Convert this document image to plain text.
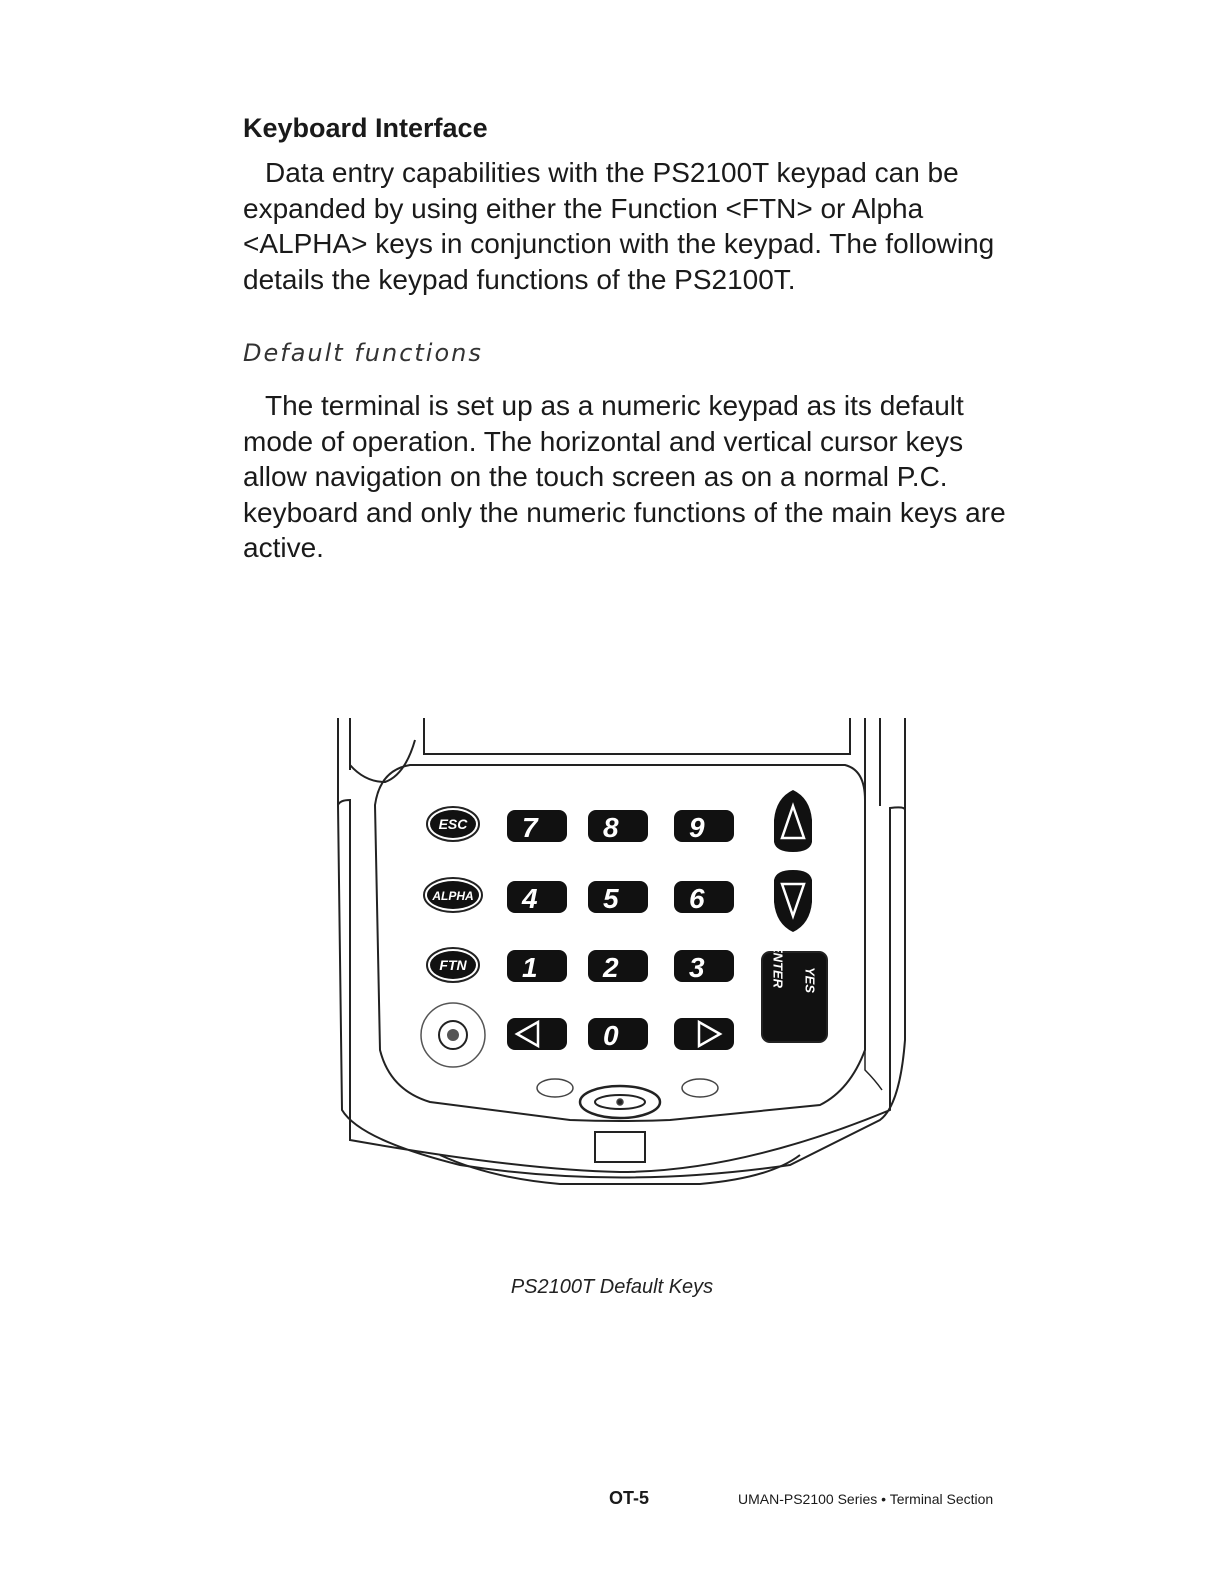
Keyboard Interface

Data entry capabilities with the PS2100T keypad can be expanded by using either the Function <FTN> or Alpha <ALPHA> keys in conjunction with the keypad. The following details the keypad functions of the PS2100T.

Default functions

The terminal is set up as a numeric keypad as its default mode of operation. The horizontal and vertical cursor keys allow navigation on the touch screen as on a normal P.C. keyboard and only the numeric functions of the main keys are active.

ESC
ALPHA
FTN
7 8	9
4 5	6
1 2	3
0
ENTER YES
PS2100T Default Keys
OT-5	UMAN-PS2100 Series • Terminal Section
